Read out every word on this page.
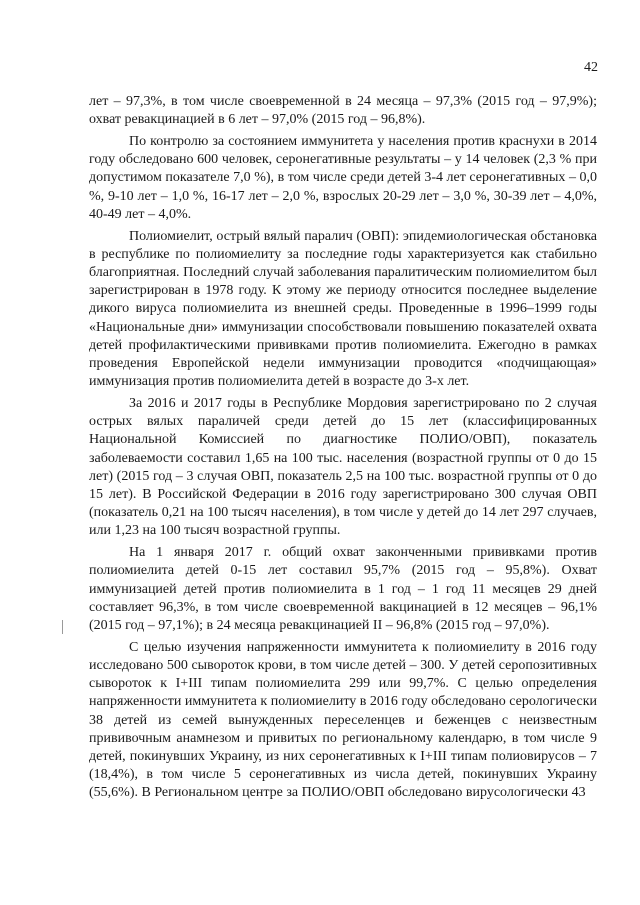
42

лет – 97,3%, в том числе своевременной в 24 месяца – 97,3% (2015 год – 97,9%); охват ревакцинацией в 6 лет – 97,0% (2015 год – 96,8%).

По контролю за состоянием иммунитета у населения против краснухи в 2014 году обследовано 600 человек, серонегативные результаты – у 14 человек (2,3 % при допустимом показателе 7,0 %), в том числе среди детей 3-4 лет серонегативных – 0,0 %, 9-10 лет – 1,0 %, 16-17 лет – 2,0 %, взрослых 20-29 лет – 3,0 %, 30-39 лет – 4,0%, 40-49 лет – 4,0%.

Полиомиелит, острый вялый паралич (ОВП): эпидемиологическая обстановка в республике по полиомиелиту за последние годы характеризуется как стабильно благоприятная. Последний случай заболевания паралитическим полиомиелитом был зарегистрирован в 1978 году. К этому же периоду относится последнее выделение дикого вируса полиомиелита из внешней среды. Проведенные в 1996–1999 годы «Национальные дни» иммунизации способствовали повышению показателей охвата детей профилактическими прививками против полиомиелита. Ежегодно в рамках проведения Европейской недели иммунизации проводится «подчищающая» иммунизация против полиомиелита детей в возрасте до 3-х лет.

За 2016 и 2017 годы в Республике Мордовия зарегистрировано по 2 случая острых вялых параличей среди детей до 15 лет (классифицированных Национальной Комиссией по диагностике ПОЛИО/ОВП), показатель заболеваемости составил 1,65 на 100 тыс. населения (возрастной группы от 0 до 15 лет) (2015 год – 3 случая ОВП, показатель 2,5 на 100 тыс. возрастной группы от 0 до 15 лет). В Российской Федерации в 2016 году зарегистрировано 300 случая ОВП (показатель 0,21 на 100 тысяч населения), в том числе у детей до 14 лет 297 случаев, или 1,23 на 100 тысяч возрастной группы.

На 1 января 2017 г. общий охват законченными прививками против полиомиелита детей 0-15 лет составил 95,7% (2015 год – 95,8%). Охват иммунизацией детей против полиомиелита в 1 год – 1 год 11 месяцев 29 дней составляет 96,3%, в том числе своевременной вакцинацией в 12 месяцев – 96,1% (2015 год – 97,1%); в 24 месяца ревакцинацией II – 96,8% (2015 год – 97,0%).

С целью изучения напряженности иммунитета к полиомиелиту в 2016 году исследовано 500 сывороток крови, в том числе детей – 300. У детей серопозитивных сывороток к I+III типам полиомиелита 299 или 99,7%. С целью определения напряженности иммунитета к полиомиелиту в 2016 году обследовано серологически 38 детей из семей вынужденных переселенцев и беженцев с неизвестным прививочным анамнезом и привитых по региональному календарю, в том числе 9 детей, покинувших Украину, из них серонегативных к I+III типам полиовирусов – 7 (18,4%), в том числе 5 серонегативных из числа детей, покинувших Украину (55,6%). В Региональном центре за ПОЛИО/ОВП обследовано вирусологически 43
